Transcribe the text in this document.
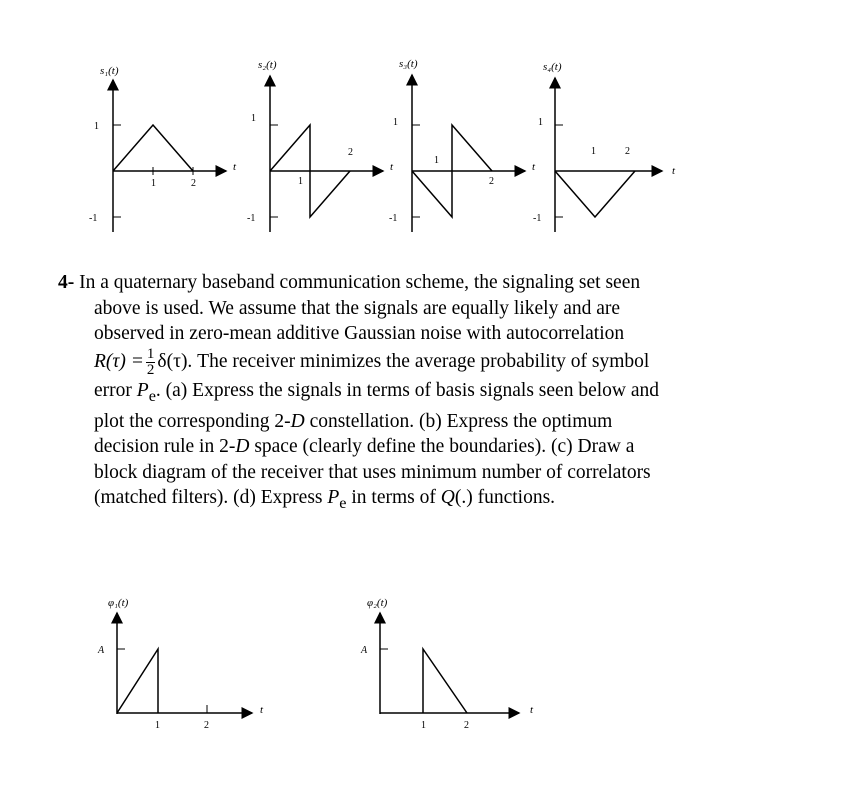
s₁(t)
1
-1
1	2
t
s₂(t)
1
-1
1
2
t
s₃(t)
1
-1
1
2
t
s₄(t)
1
-1
1	2
t

4- In a quaternary baseband communication scheme, the signaling set seen

above is used. We assume that the signals are equally likely and are

observed in zero-mean additive Gaussian noise with autocorrelation

$R(\tau) = \frac{1}{2} \delta(\tau)$. The receiver minimizes the average probability of symbol

error $P_e$. (a) Express the signals in terms of basis signals seen below and

plot the corresponding 2-D constellation. (b) Express the optimum

decision rule in 2-D space (clearly define the boundaries). (c) Draw a

block diagram of the receiver that uses minimum number of correlators

(matched filters). (d) Express $P_e$ in terms of Q(.) functions.

φ₁(t)
A
1	2
t
φ₂(t)
A
1	2
t
